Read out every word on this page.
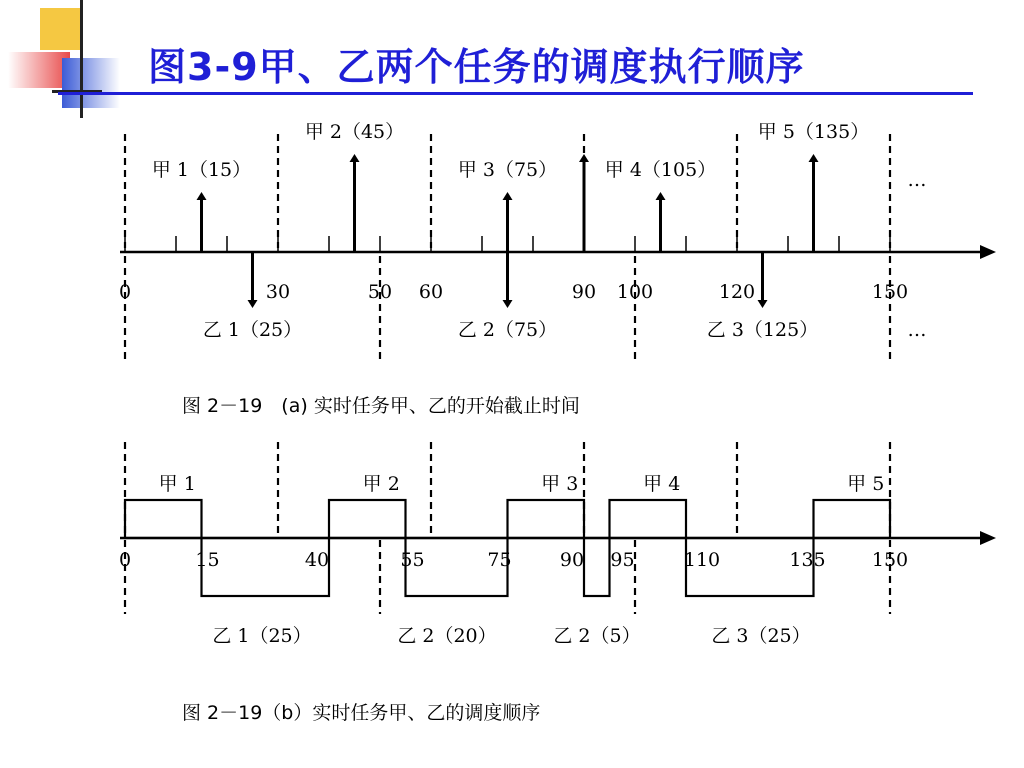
图3-9甲、乙两个任务的调度执行顺序
0	30	50 60	90 100	120	150
甲 1（15）
甲 2（45）
甲 3（75）	甲 4（105）
甲 5（135）
乙 1（25）	乙 2（75）	乙 3（125）
…
…
甲 1	甲 2	甲 3	甲 4	甲 5
乙 1（25）	乙 2（20）	乙 2（5）	乙 3（25）
0	15	40	55	75	90 95	110	135 150
图 2－19　(a) 实时任务甲、乙的开始截止时间
图 2－19（b）实时任务甲、乙的调度顺序
